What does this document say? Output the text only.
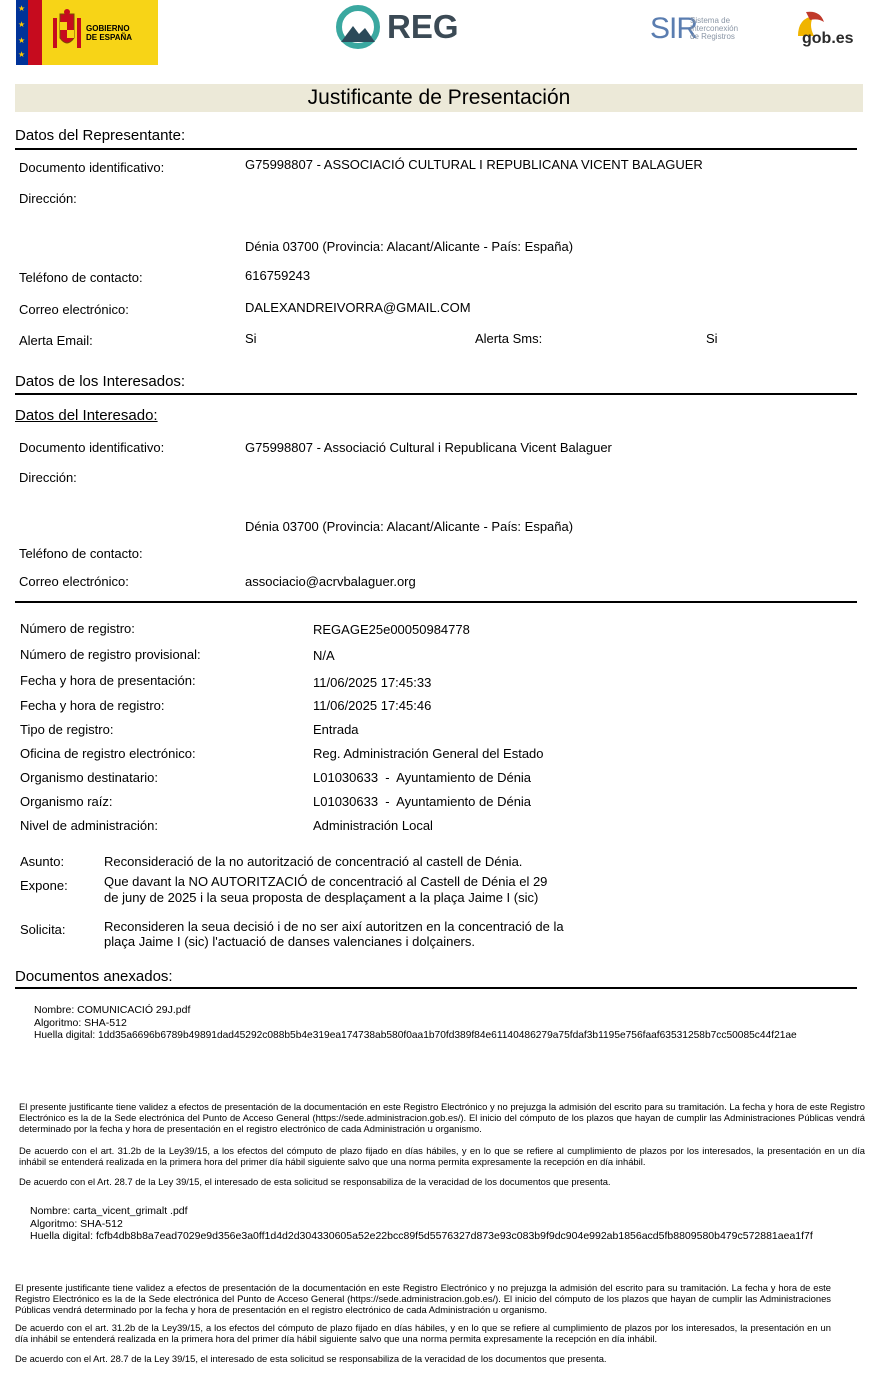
★
★
★
★
GOBIERNO
DE ESPAÑA	REG	SIR
Sistema de
Interconexión
de Registros	gob.es
Justificante de Presentación
Datos del Representante:
Documento identificativo:	G75998807 - ASSOCIACIÓ CULTURAL I REPUBLICANA VICENT BALAGUER
Dirección:
Dénia 03700 (Provincia: Alacant/Alicante - País: España)
Teléfono de contacto:	616759243
Correo electrónico:	DALEXANDREIVORRA@GMAIL.COM
Alerta Email:	Si	Alerta Sms:	Si
Datos de los Interesados:
Datos del Interesado:
Documento identificativo:	G75998807 - Associació Cultural i Republicana Vicent Balaguer
Dirección:
Dénia 03700 (Provincia: Alacant/Alicante - País: España)
Teléfono de contacto:
Correo electrónico:	associacio@acrvbalaguer.org
Número de registro:	REGAGE25e00050984778
Número de registro provisional:	N/A
Fecha y hora de presentación:	11/06/2025 17:45:33
Fecha y hora de registro:	11/06/2025 17:45:46
Tipo de registro:	Entrada
Oficina de registro electrónico:	Reg. Administración General del Estado
Organismo destinatario:	L01030633  -  Ayuntamiento de Dénia
Organismo raíz:	L01030633  -  Ayuntamiento de Dénia
Nivel de administración:	Administración Local
Asunto:	Reconsideració de la no autorització de concentració al castell de Dénia.
Expone:	Que davant la NO AUTORITZACIÓ de concentració al Castell de Dénia el 29
de juny de 2025 i la seua proposta de desplaçament a la plaça Jaime I (sic)
Solicita:	Reconsideren la seua decisió i de no ser així autoritzen en la concentració de la
plaça Jaime I (sic) l'actuació de danses valencianes i dolçainers.
Documentos anexados:
Nombre: COMUNICACIÓ 29J.pdf
Algoritmo: SHA-512
Huella digital: 1dd35a6696b6789b49891dad45292c088b5b4e319ea174738ab580f0aa1b70fd389f84e61140486279a75fdaf3b1195e756faaf63531258b7cc50085c44f21ae
El presente justificante tiene validez a efectos de presentación de la documentación en este Registro Electrónico y no prejuzga la admisión del escrito para su tramitación. La fecha y hora de este Registro Electrónico es la de la Sede electrónica del Punto de Acceso General (https://sede.administracion.gob.es/). El inicio del cómputo de los plazos que hayan de cumplir las Administraciones Públicas vendrá determinado por la fecha y hora de presentación en el registro electrónico de cada Administración u organismo.
De acuerdo con el art. 31.2b de la Ley39/15, a los efectos del cómputo de plazo fijado en días hábiles, y en lo que se refiere al cumplimiento de plazos por los interesados, la presentación en un día inhábil se entenderá realizada en la primera hora del primer día hábil siguiente salvo que una norma permita expresamente la recepción en día inhábil.
De acuerdo con el Art. 28.7 de la Ley 39/15, el interesado de esta solicitud se responsabiliza de la veracidad de los documentos que presenta.
Nombre: carta_vicent_grimalt .pdf
Algoritmo: SHA-512
Huella digital: fcfb4db8b8a7ead7029e9d356e3a0ff1d4d2d304330605a52e22bcc89f5d5576327d873e93c083b9f9dc904e992ab1856acd5fb8809580b479c572881aea1f7f
El presente justificante tiene validez a efectos de presentación de la documentación en este Registro Electrónico y no prejuzga la admisión del escrito para su tramitación. La fecha y hora de este Registro Electrónico es la de la Sede electrónica del Punto de Acceso General (https://sede.administracion.gob.es/). El inicio del cómputo de los plazos que hayan de cumplir las Administraciones Públicas vendrá determinado por la fecha y hora de presentación en el registro electrónico de cada Administración u organismo.
De acuerdo con el art. 31.2b de la Ley39/15, a los efectos del cómputo de plazo fijado en días hábiles, y en lo que se refiere al cumplimiento de plazos por los interesados, la presentación en un día inhábil se entenderá realizada en la primera hora del primer día hábil siguiente salvo que una norma permita expresamente la recepción en día inhábil.
De acuerdo con el Art. 28.7 de la Ley 39/15, el interesado de esta solicitud se responsabiliza de la veracidad de los documentos que presenta.
